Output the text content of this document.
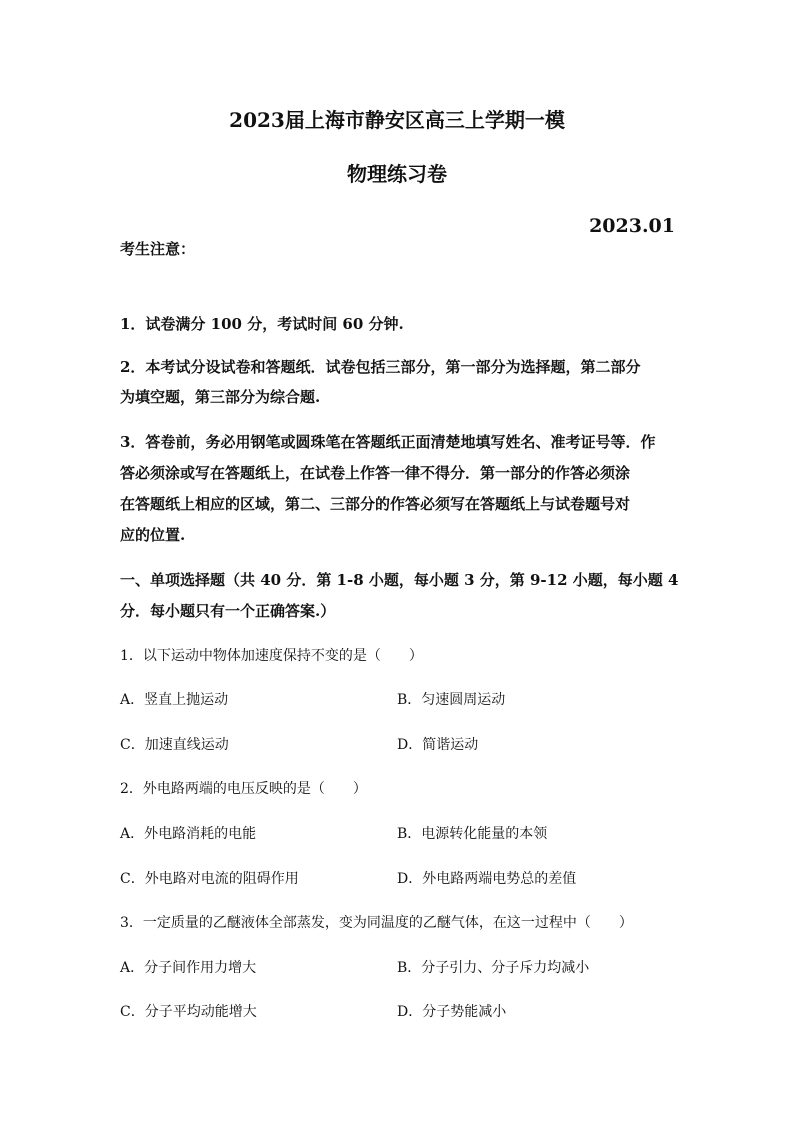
2023届上海市静安区高三上学期一模
物理练习卷
2023.01
考生注意：
1．试卷满分 100 分，考试时间 60 分钟.
2．本考试分设试卷和答题纸．试卷包括三部分，第一部分为选择题，第二部分
为填空题，第三部分为综合题.
3．答卷前，务必用钢笔或圆珠笔在答题纸正面清楚地填写姓名、准考证号等．作
答必须涂或写在答题纸上，在试卷上作答一律不得分．第一部分的作答必须涂
在答题纸上相应的区域，第二、三部分的作答必须写在答题纸上与试卷题号对
应的位置.
一、单项选择题（共 40 分．第 1-8 小题，每小题 3 分，第 9-12 小题，每小题 4
分．每小题只有一个正确答案.）
1．以下运动中物体加速度保持不变的是（　　）
A．竖直上抛运动	B．匀速圆周运动
C．加速直线运动	D．简谐运动
2．外电路两端的电压反映的是（　　）
A．外电路消耗的电能	B．电源转化能量的本领
C．外电路对电流的阻碍作用	D．外电路两端电势总的差值
3．一定质量的乙醚液体全部蒸发，变为同温度的乙醚气体，在这一过程中（　　）
A．分子间作用力增大	B．分子引力、分子斥力均减小
C．分子平均动能增大	D．分子势能减小
